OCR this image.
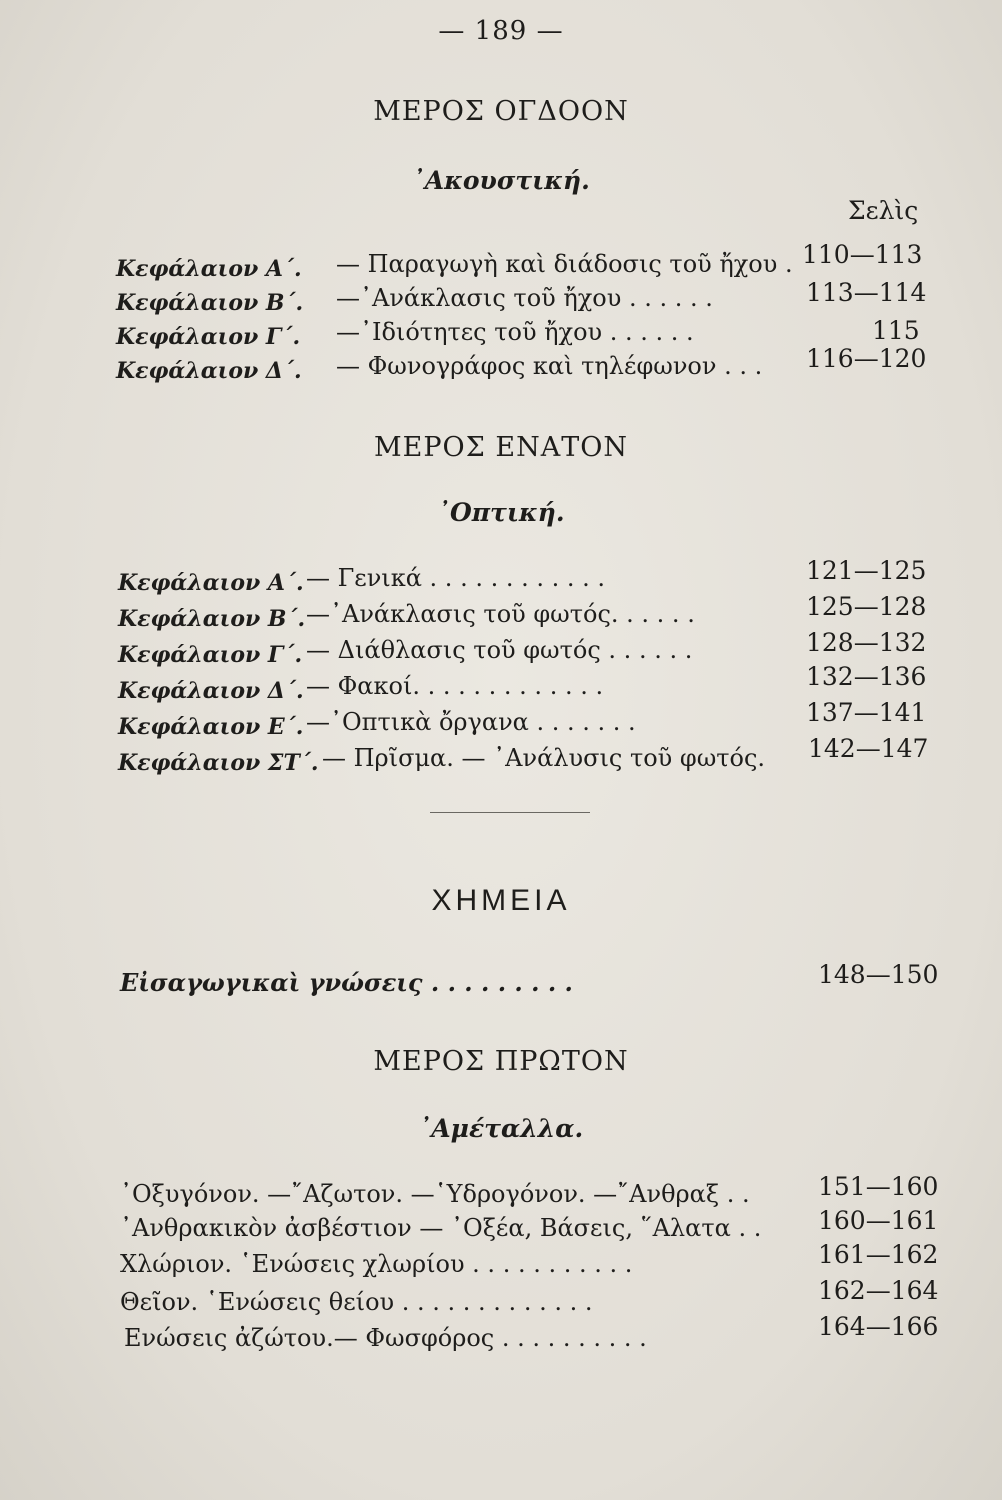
— 189 —
ΜΕΡΟΣ ΟΓΔΟΟΝ
᾿Ακουστική.
Σελὶς
Κεφάλαιον Α΄. — Παραγωγὴ καὶ διάδοσις τοῦ ἤχου . 110—113
Κεφάλαιον Β΄. —᾿Ανάκλασις τοῦ ἤχου . . . . . .	113—114
Κεφάλαιον Γ΄. —᾿Ιδιότητες τοῦ ἤχου . . . . . .	115
Κεφάλαιον Δ΄. — Φωνογράφος καὶ τηλέφωνον . . . 116—120
ΜΕΡΟΣ ΕΝΑΤΟΝ
᾿Οπτική.
Κεφάλαιον Α΄. — Γενικά . . . . . . . . . . . .	121—125
Κεφάλαιον Β΄. —᾿Ανάκλασις τοῦ φωτός. . . . . .	125—128
Κεφάλαιον Γ΄. — Διάθλασις τοῦ φωτός . . . . . .	128—132
Κεφάλαιον Δ΄. — Φακοί. . . . . . . . . . . . .	132—136
Κεφάλαιον Ε΄. —᾿Οπτικὰ ὄργανα . . . . . . .	137—141
Κεφάλαιον ΣΤ΄. — Πρῖσμα. — ᾿Ανάλυσις τοῦ φωτός. 142—147
ΧΗΜΕΙΑ
Εἰσαγωγικαὶ γνώσεις . . . . . . . . .	148—150
ΜΕΡΟΣ ΠΡΩΤΟΝ
᾿Αμέταλλα.
᾿Οξυγόνον. —῎Αζωτον. —῾Υδρογόνον. —῎Ανθραξ . .	151—160
᾿Ανθρακικὸν ἀσβέστιον — ᾿Οξέα, Βάσεις, ῞Αλατα . . 160—161
Χλώριον. ῾Ενώσεις χλωρίου . . . . . . . . . . .	161—162
Θεῖον. ῾Ενώσεις θείου . . . . . . . . . . . . .	162—164
Ενώσεις ἀζώτου.— Φωσφόρος . . . . . . . . . .	164—166
